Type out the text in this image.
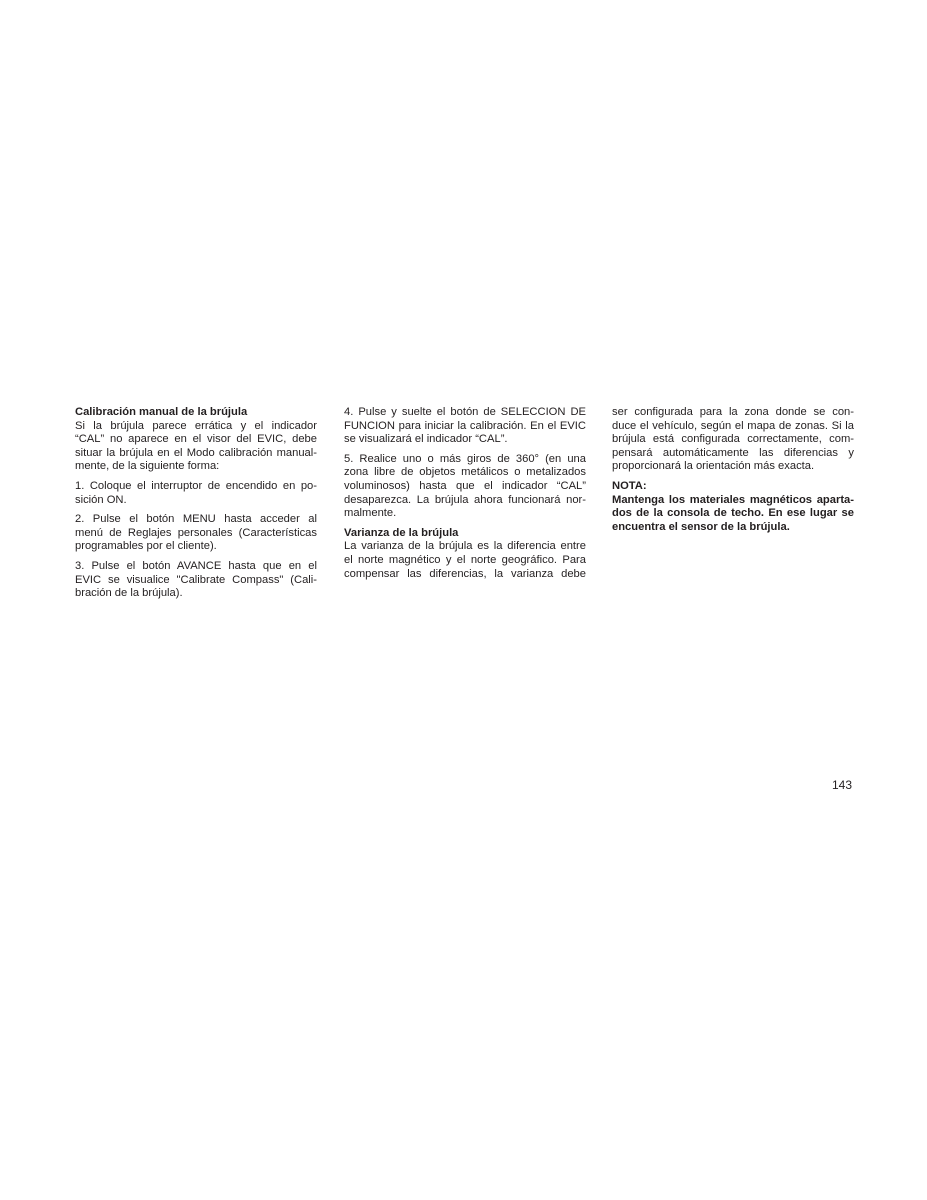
Calibración manual de la brújula

Si la brújula parece errática y el indicador
“CAL” no aparece en el visor del EVIC, debe
situar la brújula en el Modo calibración manual-
mente, de la siguiente forma:

1. Coloque el interruptor de encendido en po-
sición ON.

2. Pulse el botón MENU hasta acceder al
menú de Reglajes personales (Características
programables por el cliente).

3. Pulse el botón AVANCE hasta que en el
EVIC se visualice "Calibrate Compass" (Cali-
bración de la brújula).

4. Pulse y suelte el botón de SELECCION DE
FUNCION para iniciar la calibración. En el EVIC
se visualizará el indicador “CAL”.

5. Realice uno o más giros de 360° (en una
zona libre de objetos metálicos o metalizados
voluminosos) hasta que el indicador “CAL”
desaparezca. La brújula ahora funcionará nor-
malmente.

Varianza de la brújula

La varianza de la brújula es la diferencia entre
el norte magnético y el norte geográfico. Para
compensar las diferencias, la varianza debe

ser configurada para la zona donde se con-
duce el vehículo, según el mapa de zonas. Si la
brújula está configurada correctamente, com-
pensará automáticamente las diferencias y
proporcionará la orientación más exacta.

NOTA:

Mantenga los materiales magnéticos aparta-
dos de la consola de techo. En ese lugar se
encuentra el sensor de la brújula.

143
